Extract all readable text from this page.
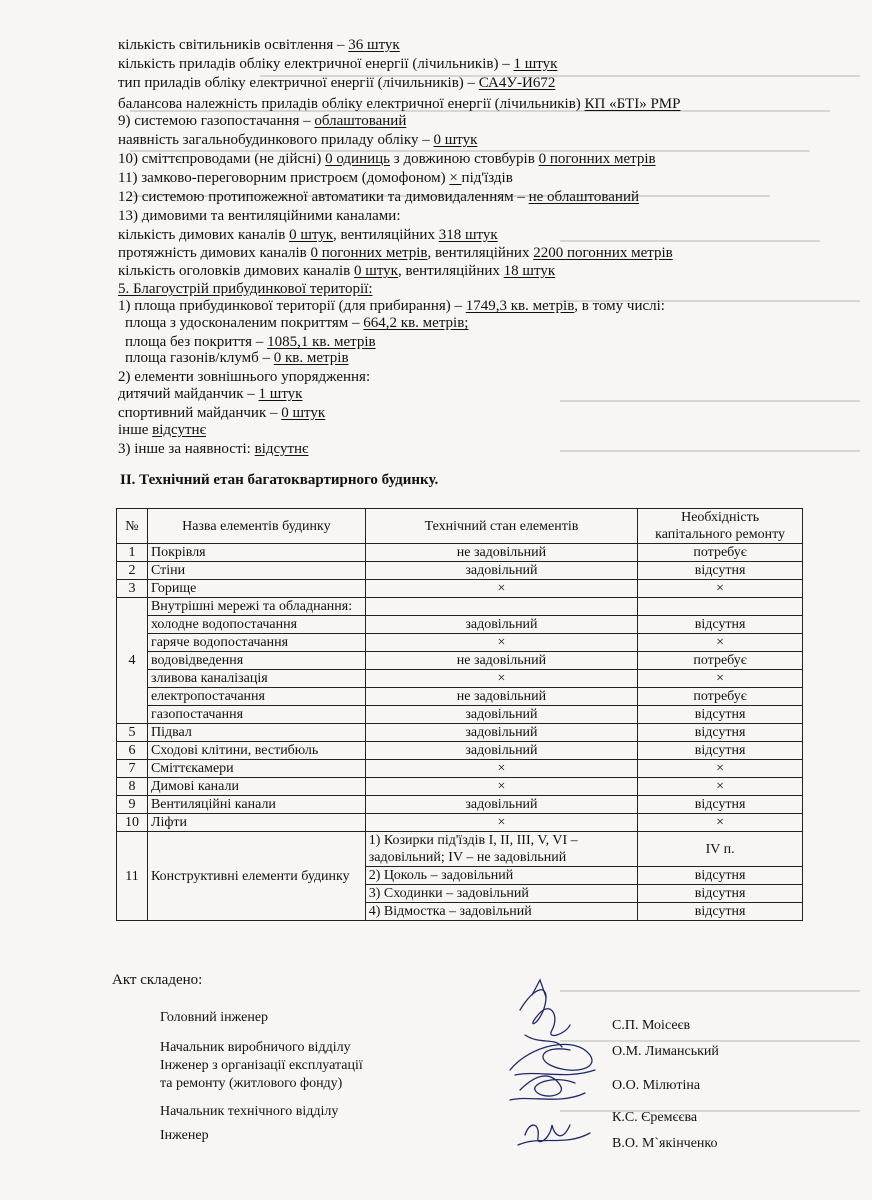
кількість світильників освітлення – 36 штук
кількість приладів обліку електричної енергії (лічильників) – 1 штук
тип приладів обліку електричної енергії (лічильників) – СА4У-И672
балансова належність приладів обліку електричної енергії (лічильників) КП «БТІ» РМР
9) системою газопостачання – облаштований
наявність загальнобудинкового приладу обліку – 0 штук
10) сміттєпроводами (не дійсні) 0 одиниць з довжиною стовбурів 0 погонних метрів
11) замково-переговорним пристроєм (домофоном) × під'їздів
12) системою протипожежної автоматики та димовидаленням – не облаштований
13) димовими та вентиляційними каналами:
кількість димових каналів 0 штук, вентиляційних 318 штук
протяжність димових каналів 0 погонних метрів, вентиляційних 2200 погонних метрів
кількість оголовків димових каналів 0 штук, вентиляційних 18 штук
5. Благоустрій прибудинкової території:
1) площа прибудинкової території (для прибирання) – 1749,3 кв. метрів, в тому числі:
площа з удосконаленим покриттям – 664,2 кв. метрів;
площа без покриття – 1085,1 кв. метрів
площа газонів/клумб – 0 кв. метрів
2) елементи зовнішнього упорядження:
дитячий майданчик – 1 штук
спортивний майданчик – 0 штук
інше відсутнє
3) інше за наявності: відсутнє
ІІ. Технічний етан багатоквартирного будинку.
№	Назва елементів будинку	Технічний стан елементів	Необхідність капітального ремонту
1	Покрівля	не задовільний	потребує
2	Стіни	задовільний	відсутня
3	Горище	×	×
4	Внутрішні мережі та обладнання:		
	холодне водопостачання	задовільний	відсутня
	гаряче водопостачання	×	×
	водовідведення	не задовільний	потребує
	зливова каналізація	×	×
	електропостачання	не задовільний	потребує
	газопостачання	задовільний	відсутня
5	Підвал	задовільний	відсутня
6	Сходові клітини, вестибюль	задовільний	відсутня
7	Сміттєкамери	×	×
8	Димові канали	×	×
9	Вентиляційні канали	задовільний	відсутня
10	Ліфти	×	×
11	Конструктивні елементи будинку	1) Козирки під'їздів I, II, III, V, VI – задовільний; IV – не задовільний	IV п.
		2) Цоколь – задовільний	відсутня
		3) Сходинки – задовільний	відсутня
		4) Відмостка – задовільний	відсутня
Акт складено:
Головний інженер
Начальник виробничого відділу
Інженер з організації експлуатації
та ремонту (житлового фонду)
Начальник технічного відділу
Інженер
С.П. Моісеєв
О.М. Лиманський
О.О. Мілютіна
К.С. Єремєєва
В.О. М`якінченко
